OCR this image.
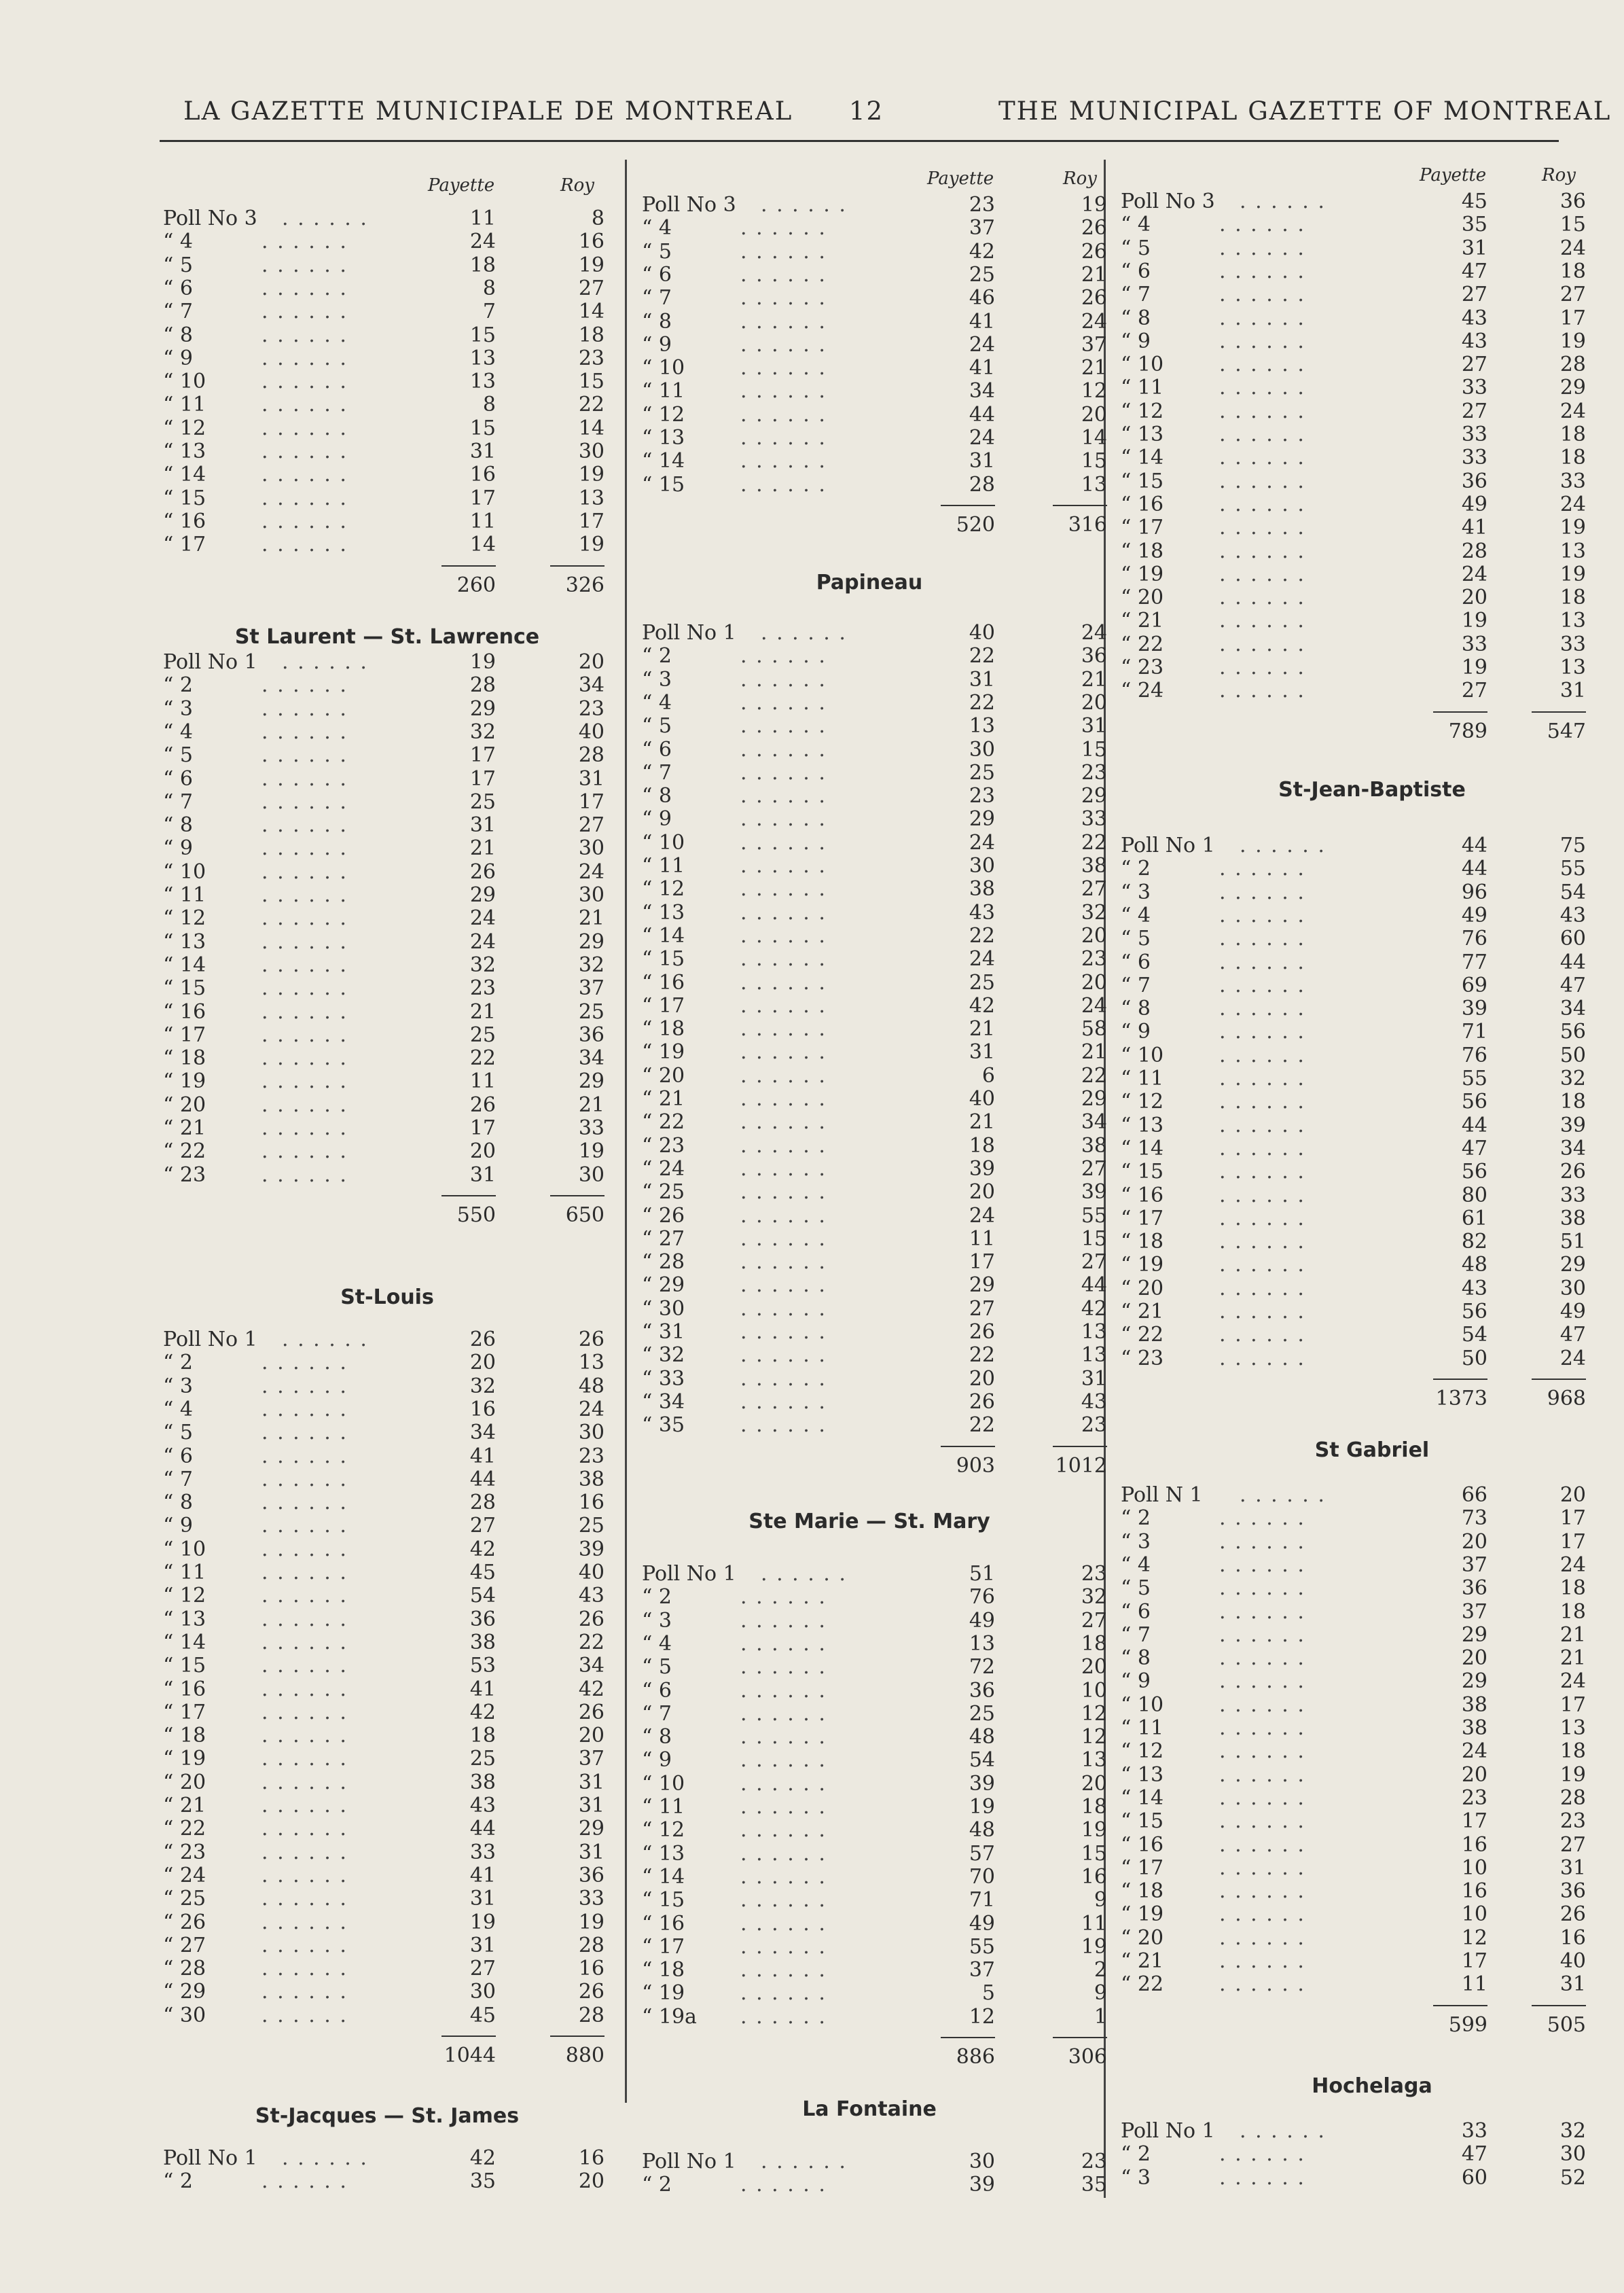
LA GAZETTE MUNICIPALE DE MONTREAL 12	THE MUNICIPAL GAZETTE OF MONTREAL
Payette	Roy
Poll No 3 . . . . . .	11	8
“ 4	. . . . . .	24	16
“ 5	. . . . . .	18	19
“ 6	. . . . . .	8	27
“ 7	. . . . . .	7	14
“ 8	. . . . . .	15	18
“ 9	. . . . . .	13	23
“ 10	. . . . . .	13	15
“ 11	. . . . . .	8	22
“ 12	. . . . . .	15	14
“ 13	. . . . . .	31	30
“ 14	. . . . . .	16	19
“ 15	. . . . . .	17	13
“ 16	. . . . . .	11	17
“ 17	. . . . . .	14	19
260	326
St Laurent — St. Lawrence
Poll No 1 . . . . . .	19	20
“ 2	. . . . . .	28	34
“ 3	. . . . . .	29	23
“ 4	. . . . . .	32	40
“ 5	. . . . . .	17	28
“ 6	. . . . . .	17	31
“ 7	. . . . . .	25	17
“ 8	. . . . . .	31	27
“ 9	. . . . . .	21	30
“ 10	. . . . . .	26	24
“ 11	. . . . . .	29	30
“ 12	. . . . . .	24	21
“ 13	. . . . . .	24	29
“ 14	. . . . . .	32	32
“ 15	. . . . . .	23	37
“ 16	. . . . . .	21	25
“ 17	. . . . . .	25	36
“ 18	. . . . . .	22	34
“ 19	. . . . . .	11	29
“ 20	. . . . . .	26	21
“ 21	. . . . . .	17	33
“ 22	. . . . . .	20	19
“ 23	. . . . . .	31	30
550	650
St-Louis
Poll No 1 . . . . . .	26	26
“ 2	. . . . . .	20	13
“ 3	. . . . . .	32	48
“ 4	. . . . . .	16	24
“ 5	. . . . . .	34	30
“ 6	. . . . . .	41	23
“ 7	. . . . . .	44	38
“ 8	. . . . . .	28	16
“ 9	. . . . . .	27	25
“ 10	. . . . . .	42	39
“ 11	. . . . . .	45	40
“ 12	. . . . . .	54	43
“ 13	. . . . . .	36	26
“ 14	. . . . . .	38	22
“ 15	. . . . . .	53	34
“ 16	. . . . . .	41	42
“ 17	. . . . . .	42	26
“ 18	. . . . . .	18	20
“ 19	. . . . . .	25	37
“ 20	. . . . . .	38	31
“ 21	. . . . . .	43	31
“ 22	. . . . . .	44	29
“ 23	. . . . . .	33	31
“ 24	. . . . . .	41	36
“ 25	. . . . . .	31	33
“ 26	. . . . . .	19	19
“ 27	. . . . . .	31	28
“ 28	. . . . . .	27	16
“ 29	. . . . . .	30	26
“ 30	. . . . . .	45	28
1044	880
St-Jacques — St. James
Poll No 1 . . . . . .	42	16
“ 2	. . . . . .	35	20
Payette	Roy
Poll No 3 . . . . . .	23	19
“ 4	. . . . . .	37	26
“ 5	. . . . . .	42	26
“ 6	. . . . . .	25	21
“ 7	. . . . . .	46	26
“ 8	. . . . . .	41	24
“ 9	. . . . . .	24	37
“ 10	. . . . . .	41	21
“ 11	. . . . . .	34	12
“ 12	. . . . . .	44	20
“ 13	. . . . . .	24	14
“ 14	. . . . . .	31	15
“ 15	. . . . . .	28	13
520	316
Papineau
Poll No 1 . . . . . .	40	24
“ 2	. . . . . .	22	36
“ 3	. . . . . .	31	21
“ 4	. . . . . .	22	20
“ 5	. . . . . .	13	31
“ 6	. . . . . .	30	15
“ 7	. . . . . .	25	23
“ 8	. . . . . .	23	29
“ 9	. . . . . .	29	33
“ 10	. . . . . .	24	22
“ 11	. . . . . .	30	38
“ 12	. . . . . .	38	27
“ 13	. . . . . .	43	32
“ 14	. . . . . .	22	20
“ 15	. . . . . .	24	23
“ 16	. . . . . .	25	20
“ 17	. . . . . .	42	24
“ 18	. . . . . .	21	58
“ 19	. . . . . .	31	21
“ 20	. . . . . .	6	22
“ 21	. . . . . .	40	29
“ 22	. . . . . .	21	34
“ 23	. . . . . .	18	38
“ 24	. . . . . .	39	27
“ 25	. . . . . .	20	39
“ 26	. . . . . .	24	55
“ 27	. . . . . .	11	15
“ 28	. . . . . .	17	27
“ 29	. . . . . .	29	44
“ 30	. . . . . .	27	42
“ 31	. . . . . .	26	13
“ 32	. . . . . .	22	13
“ 33	. . . . . .	20	31
“ 34	. . . . . .	26	43
“ 35	. . . . . .	22	23
903	1012
Ste Marie — St. Mary
Poll No 1 . . . . . .	51	23
“ 2	. . . . . .	76	32
“ 3	. . . . . .	49	27
“ 4	. . . . . .	13	18
“ 5	. . . . . .	72	20
“ 6	. . . . . .	36	10
“ 7	. . . . . .	25	12
“ 8	. . . . . .	48	12
“ 9	. . . . . .	54	13
“ 10	. . . . . .	39	20
“ 11	. . . . . .	19	18
“ 12	. . . . . .	48	19
“ 13	. . . . . .	57	15
“ 14	. . . . . .	70	16
“ 15	. . . . . .	71	9
“ 16	. . . . . .	49	11
“ 17	. . . . . .	55	19
“ 18	. . . . . .	37	2
“ 19	. . . . . .	5	9
“ 19a . . . . . .	12	1
886	306
La Fontaine
Poll No 1 . . . . . .	30	23
“ 2	. . . . . .	39	35
Payette	Roy
Poll No 3 . . . . . .	45	36
“ 4	. . . . . .	35	15
“ 5	. . . . . .	31	24
“ 6	. . . . . .	47	18
“ 7	. . . . . .	27	27
“ 8	. . . . . .	43	17
“ 9	. . . . . .	43	19
“ 10	. . . . . .	27	28
“ 11	. . . . . .	33	29
“ 12	. . . . . .	27	24
“ 13	. . . . . .	33	18
“ 14	. . . . . .	33	18
“ 15	. . . . . .	36	33
“ 16	. . . . . .	49	24
“ 17	. . . . . .	41	19
“ 18	. . . . . .	28	13
“ 19	. . . . . .	24	19
“ 20	. . . . . .	20	18
“ 21	. . . . . .	19	13
“ 22	. . . . . .	33	33
“ 23	. . . . . .	19	13
“ 24	. . . . . .	27	31
789	547
St-Jean-Baptiste
Poll No 1 . . . . . .	44	75
“ 2	. . . . . .	44	55
“ 3	. . . . . .	96	54
“ 4	. . . . . .	49	43
“ 5	. . . . . .	76	60
“ 6	. . . . . .	77	44
“ 7	. . . . . .	69	47
“ 8	. . . . . .	39	34
“ 9	. . . . . .	71	56
“ 10	. . . . . .	76	50
“ 11	. . . . . .	55	32
“ 12	. . . . . .	56	18
“ 13	. . . . . .	44	39
“ 14	. . . . . .	47	34
“ 15	. . . . . .	56	26
“ 16	. . . . . .	80	33
“ 17	. . . . . .	61	38
“ 18	. . . . . .	82	51
“ 19	. . . . . .	48	29
“ 20	. . . . . .	43	30
“ 21	. . . . . .	56	49
“ 22	. . . . . .	54	47
“ 23	. . . . . .	50	24
1373	968
St Gabriel
Poll N 1 . . . . . .	66	20
“ 2	. . . . . .	73	17
“ 3	. . . . . .	20	17
“ 4	. . . . . .	37	24
“ 5	. . . . . .	36	18
“ 6	. . . . . .	37	18
“ 7	. . . . . .	29	21
“ 8	. . . . . .	20	21
“ 9	. . . . . .	29	24
“ 10	. . . . . .	38	17
“ 11	. . . . . .	38	13
“ 12	. . . . . .	24	18
“ 13	. . . . . .	20	19
“ 14	. . . . . .	23	28
“ 15	. . . . . .	17	23
“ 16	. . . . . .	16	27
“ 17	. . . . . .	10	31
“ 18	. . . . . .	16	36
“ 19	. . . . . .	10	26
“ 20	. . . . . .	12	16
“ 21	. . . . . .	17	40
“ 22	. . . . . .	11	31
599	505
Hochelaga
Poll No 1 . . . . . .	33	32
“ 2	. . . . . .	47	30
“ 3	. . . . . .	60	52
